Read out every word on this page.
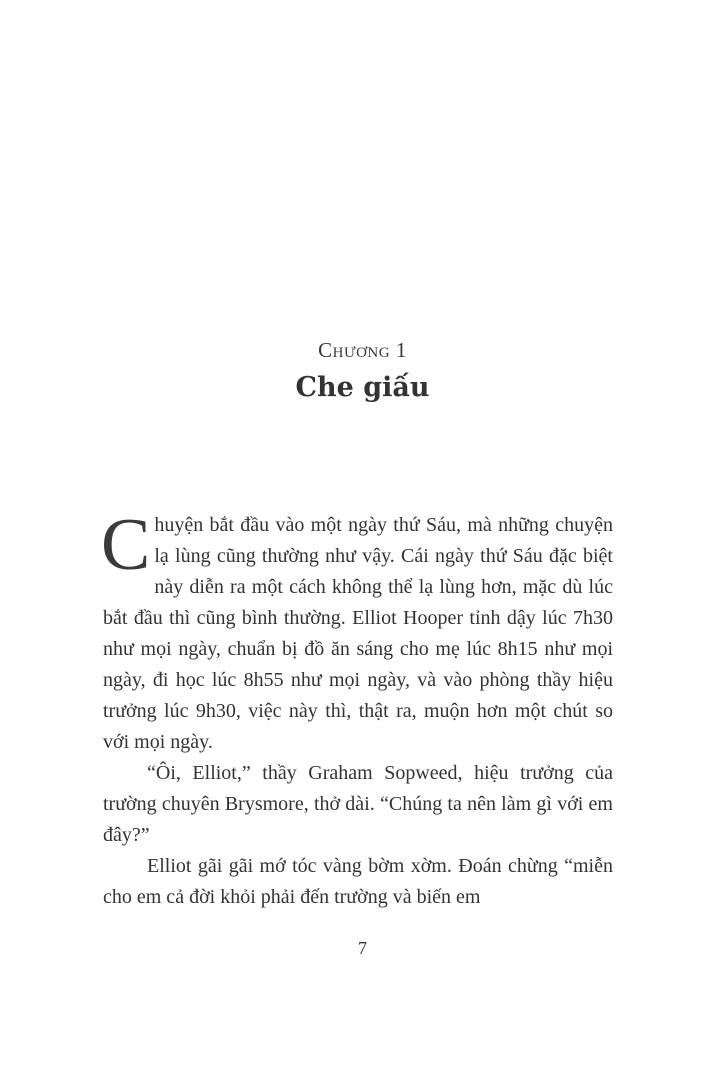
Chương 1
Che giấu

Chuyện bắt đầu vào một ngày thứ Sáu, mà những chuyện lạ lùng cũng thường như vậy. Cái ngày thứ Sáu đặc biệt này diễn ra một cách không thể lạ lùng hơn, mặc dù lúc bắt đầu thì cũng bình thường. Elliot Hooper tỉnh dậy lúc 7h30 như mọi ngày, chuẩn bị đồ ăn sáng cho mẹ lúc 8h15 như mọi ngày, đi học lúc 8h55 như mọi ngày, và vào phòng thầy hiệu trưởng lúc 9h30, việc này thì, thật ra, muộn hơn một chút so với mọi ngày.

“Ôi, Elliot,” thầy Graham Sopweed, hiệu trưởng của trường chuyên Brysmore, thở dài. “Chúng ta nên làm gì với em đây?”

Elliot gãi gãi mớ tóc vàng bờm xờm. Đoán chừng “miễn cho em cả đời khỏi phải đến trường và biến em

7
